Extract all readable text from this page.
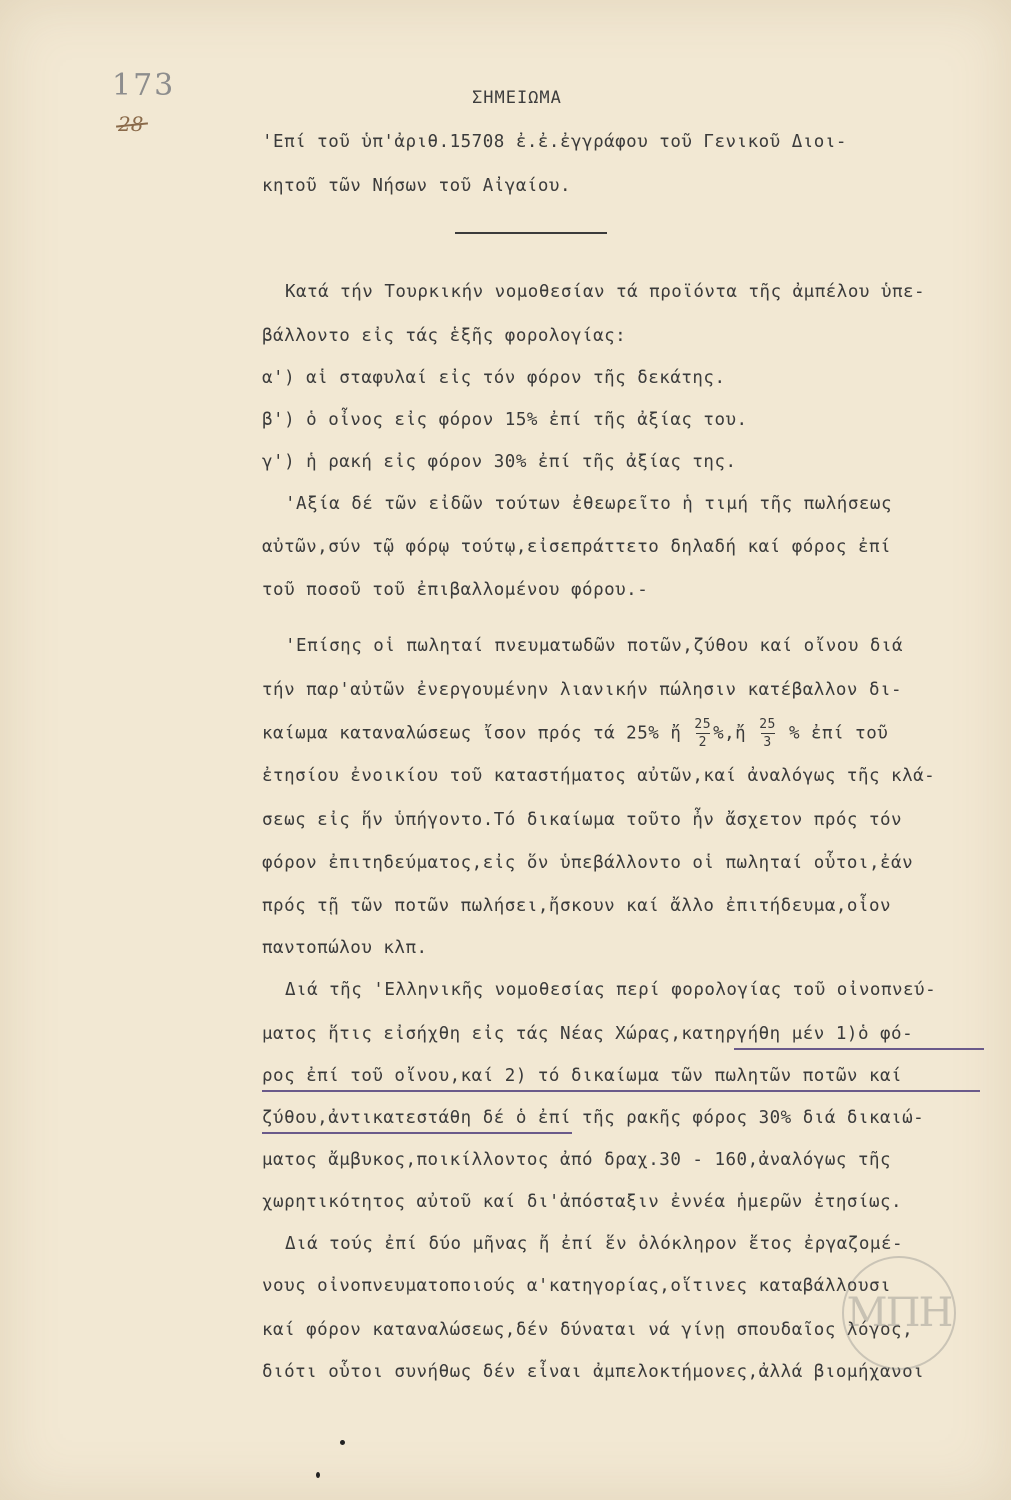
173
28
ΣΗΜΕΙΩΜΑ
'Επί τοῦ ὑπ'ἀριθ.15708 ἐ.ἐ.ἐγγράφου τοῦ Γενικοῦ Διοι-
κητοῦ τῶν Νήσων τοῦ Αἰγαίου.
Κατά τήν Τουρκικήν νομοθεσίαν τά προϊόντα τῆς ἀμπέλου ὑπε-
βάλλοντο εἰς τάς ἑξῆς φορολογίας:
α') αἱ σταφυλαί εἰς τόν φόρον τῆς δεκάτης.
β') ὁ οἶνος εἰς φόρον 15% ἐπί τῆς ἀξίας του.
γ') ἡ ρακή εἰς φόρον 30% ἐπί τῆς ἀξίας της.
'Αξία δέ τῶν εἰδῶν τούτων ἐθεωρεῖτο ἡ τιμή τῆς πωλήσεως
αὐτῶν,σύν τῷ φόρῳ τούτῳ,εἰσεπράττετο δηλαδή καί φόρος ἐπί
τοῦ ποσοῦ τοῦ ἐπιβαλλομένου φόρου.-
'Επίσης οἱ πωληταί πνευματωδῶν ποτῶν,ζύθου καί οἴνου διά
τήν παρ'αὐτῶν ἐνεργουμένην λιανικήν πώλησιν κατέβαλλον δι-
καίωμα καταναλώσεως ἴσον πρός τά 25% ἤ $\frac{25}{2}$ %,ἤ $\frac{25}{3}$ % ἐπί τοῦ
ἐτησίου ἐνοικίου τοῦ καταστήματος αὐτῶν,καί ἀναλόγως τῆς κλά-
σεως εἰς ἥν ὑπήγοντο.Τό δικαίωμα τοῦτο ἦν ἄσχετον πρός τόν
φόρον ἐπιτηδεύματος,εἰς ὅν ὑπεβάλλοντο οἱ πωληταί οὗτοι,ἐάν
πρός τῇ τῶν ποτῶν πωλήσει,ἤσκουν καί ἄλλο ἐπιτήδευμα,οἷον
παντοπώλου κλπ.
Διά τῆς 'Ελληνικῆς νομοθεσίας περί φορολογίας τοῦ οἰνοπνεύ-
ματος ἥτις εἰσήχθη εἰς τάς Νέας Χώρας,κατηργήθη μέν 1)ὁ φό-
ρος ἐπί τοῦ οἴνου,καί 2) τό δικαίωμα τῶν πωλητῶν ποτῶν καί
ζύθου,ἀντικατεστάθη δέ ὁ ἐπί τῆς ρακῆς φόρος 30% διά δικαιώ-
ματος ἄμβυκος,ποικίλλοντος ἀπό δραχ.30 - 160,ἀναλόγως τῆς
χωρητικότητος αὐτοῦ καί δι'ἀπόσταξιν ἐννέα ἡμερῶν ἐτησίως.
Διά τούς ἐπί δύο μῆνας ἤ ἐπί ἕν ὁλόκληρον ἔτος ἐργαζομέ-
νους οἰνοπνευματοποιούς α'κατηγορίας,οἵτινες καταβάλλουσι
καί φόρον καταναλώσεως,δέν δύναται νά γίνῃ σπουδαῖος λόγος,
διότι οὗτοι συνήθως δέν εἶναι ἀμπελοκτήμονες,ἀλλά βιομήχανοι
ΜΠΗ
